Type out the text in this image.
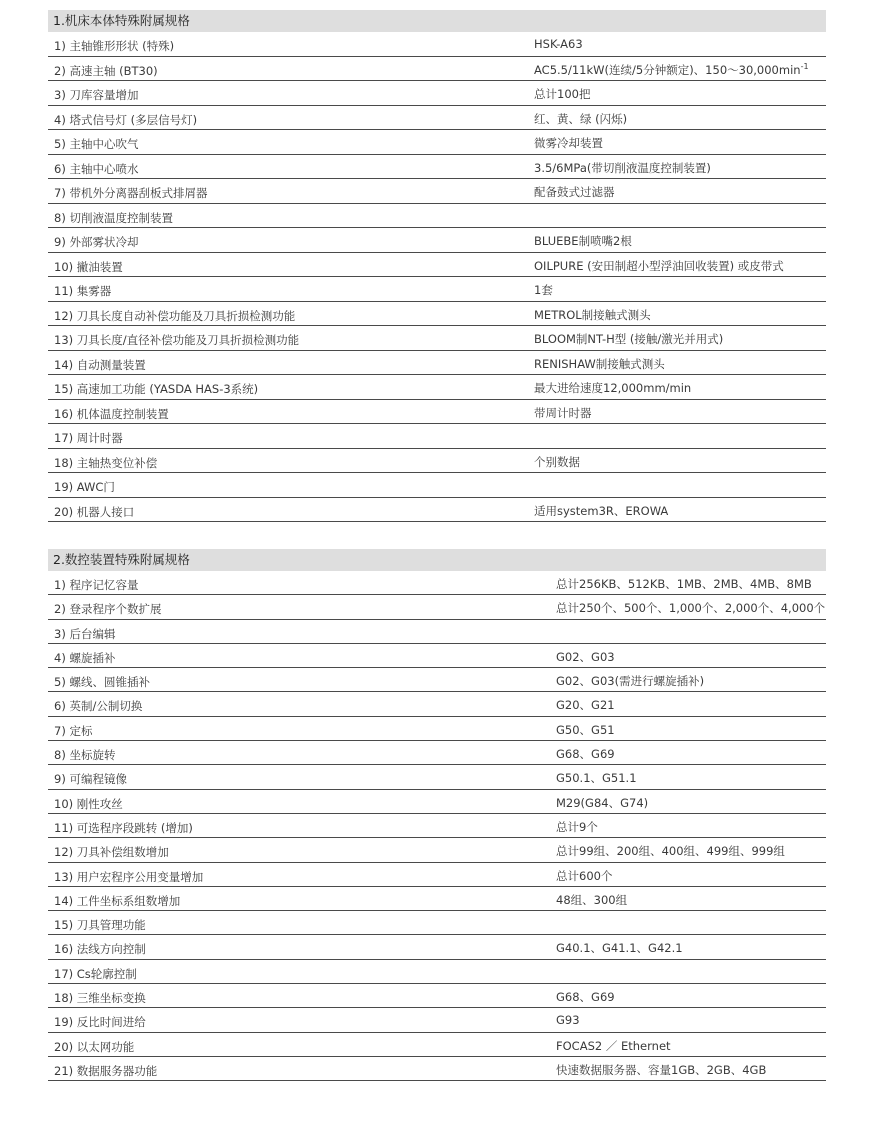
1.机床本体特殊附属规格
1) 主轴锥形形状 (特殊)	HSK-A63
2) 高速主轴 (BT30)	AC5.5/11kW(连续/5分钟额定)、$150\sim 30,000\min^{-1}$
3) 刀库容量增加	总计100把
4) 塔式信号灯 (多层信号灯)	红、黄、绿 (闪烁)
5) 主轴中心吹气	微雾冷却装置
6) 主轴中心喷水	3.5/6MPa(带切削液温度控制装置)
7) 带机外分离器刮板式排屑器	配备鼓式过滤器
8) 切削液温度控制装置
9) 外部雾状冷却	BLUEBE制喷嘴2根
10) 撇油装置	OILPURE (安田制超小型浮油回收装置) 或皮带式
11) 集雾器	1套
12) 刀具长度自动补偿功能及刀具折损检测功能	METROL制接触式测头
13) 刀具长度/直径补偿功能及刀具折损检测功能	BLOOM制NT-H型 (接触/激光并用式)
14) 自动测量装置	RENISHAW制接触式测头
15) 高速加工功能 (YASDA HAS-3系统)	最大进给速度12,000mm/min
16) 机体温度控制装置	带周计时器
17) 周计时器
18) 主轴热变位补偿	个别数据
19) AWC门
20) 机器人接口	适用system3R、EROWA
2.数控装置特殊附属规格
1) 程序记忆容量	总计256KB、512KB、1MB、2MB、4MB、8MB
2) 登录程序个数扩展	总计250个、500个、1,000个、2,000个、4,000个
3) 后台编辑
4) 螺旋插补	G02、G03
5) 螺线、圆锥插补	G02、G03(需进行螺旋插补)
6) 英制/公制切换	G20、G21
7) 定标	G50、G51
8) 坐标旋转	G68、G69
9) 可编程镜像	G50.1、G51.1
10) 刚性攻丝	M29(G84、G74)
11) 可选程序段跳转 (增加)	总计9个
12) 刀具补偿组数增加	总计99组、200组、400组、499组、999组
13) 用户宏程序公用变量增加	总计600个
14) 工件坐标系组数增加	48组、300组
15) 刀具管理功能
16) 法线方向控制	G40.1、G41.1、G42.1
17) Cs轮廓控制
18) 三维坐标变换	G68、G69
19) 反比时间进给	G93
20) 以太网功能	FOCAS2 ／ Ethernet
21) 数据服务器功能	快速数据服务器、容量1GB、2GB、4GB
